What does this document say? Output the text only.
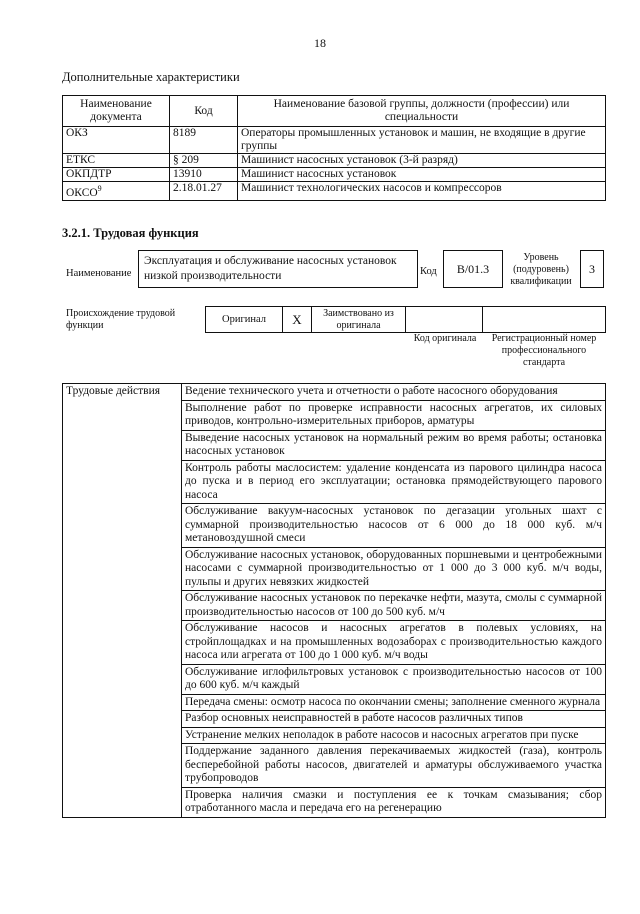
18
Дополнительные характеристики
Наименование документа	Код	Наименование базовой группы, должности (профессии) или специальности
ОКЗ	8189	Операторы промышленных установок и машин, не входящие в другие группы
ЕТКС	§ 209	Машинист насосных установок (3-й разряд)
ОКПДТР	13910	Машинист насосных установок
ОКСО$^9$	2.18.01.27	Машинист технологических насосов и компрессоров
3.2.1. Трудовая функция
Наименование
Эксплуатация и обслуживание насосных установок низкой производительности	Код	B/01.3
Уровень (подуровень) квалификации
3
Происхождение трудовой функции
Оригинал	X	Заимствовано из оригинала
Код оригинала	Регистрационный номер профессионального стандарта
Трудовые действия	Ведение технического учета и отчетности о работе насосного оборудования
Выполнение работ по проверке исправности насосных агрегатов, их силовых приводов, контрольно-измерительных приборов, арматуры
Выведение насосных установок на нормальный режим во время работы; остановка насосных установок
Контроль работы маслосистем: удаление конденсата из парового цилиндра насоса до пуска и в период его эксплуатации; остановка прямодействующего парового насоса
Обслуживание вакуум-насосных установок по дегазации угольных шахт с суммарной производительностью насосов от 6 000 до 18 000 куб. м/ч метановоздушной смеси
Обслуживание насосных установок, оборудованных поршневыми и центробежными насосами с суммарной производительностью от 1 000 до 3 000 куб. м/ч воды, пульпы и других невязких жидкостей
Обслуживание насосных установок по перекачке нефти, мазута, смолы с суммарной производительностью насосов от 100 до 500 куб. м/ч
Обслуживание насосов и насосных агрегатов в полевых условиях, на стройплощадках и на промышленных водозаборах с производительностью каждого насоса или агрегата от 100 до 1 000 куб. м/ч воды
Обслуживание иглофильтровых установок с производительностью насосов от 100 до 600 куб. м/ч каждый
Передача смены: осмотр насоса по окончании смены; заполнение сменного журнала
Разбор основных неисправностей в работе насосов различных типов
Устранение мелких неполадок в работе насосов и насосных агрегатов при пуске
Поддержание заданного давления перекачиваемых жидкостей (газа), контроль бесперебойной работы насосов, двигателей и арматуры обслуживаемого участка трубопроводов
Проверка наличия смазки и поступления ее к точкам смазывания; сбор отработанного масла и передача его на регенерацию
